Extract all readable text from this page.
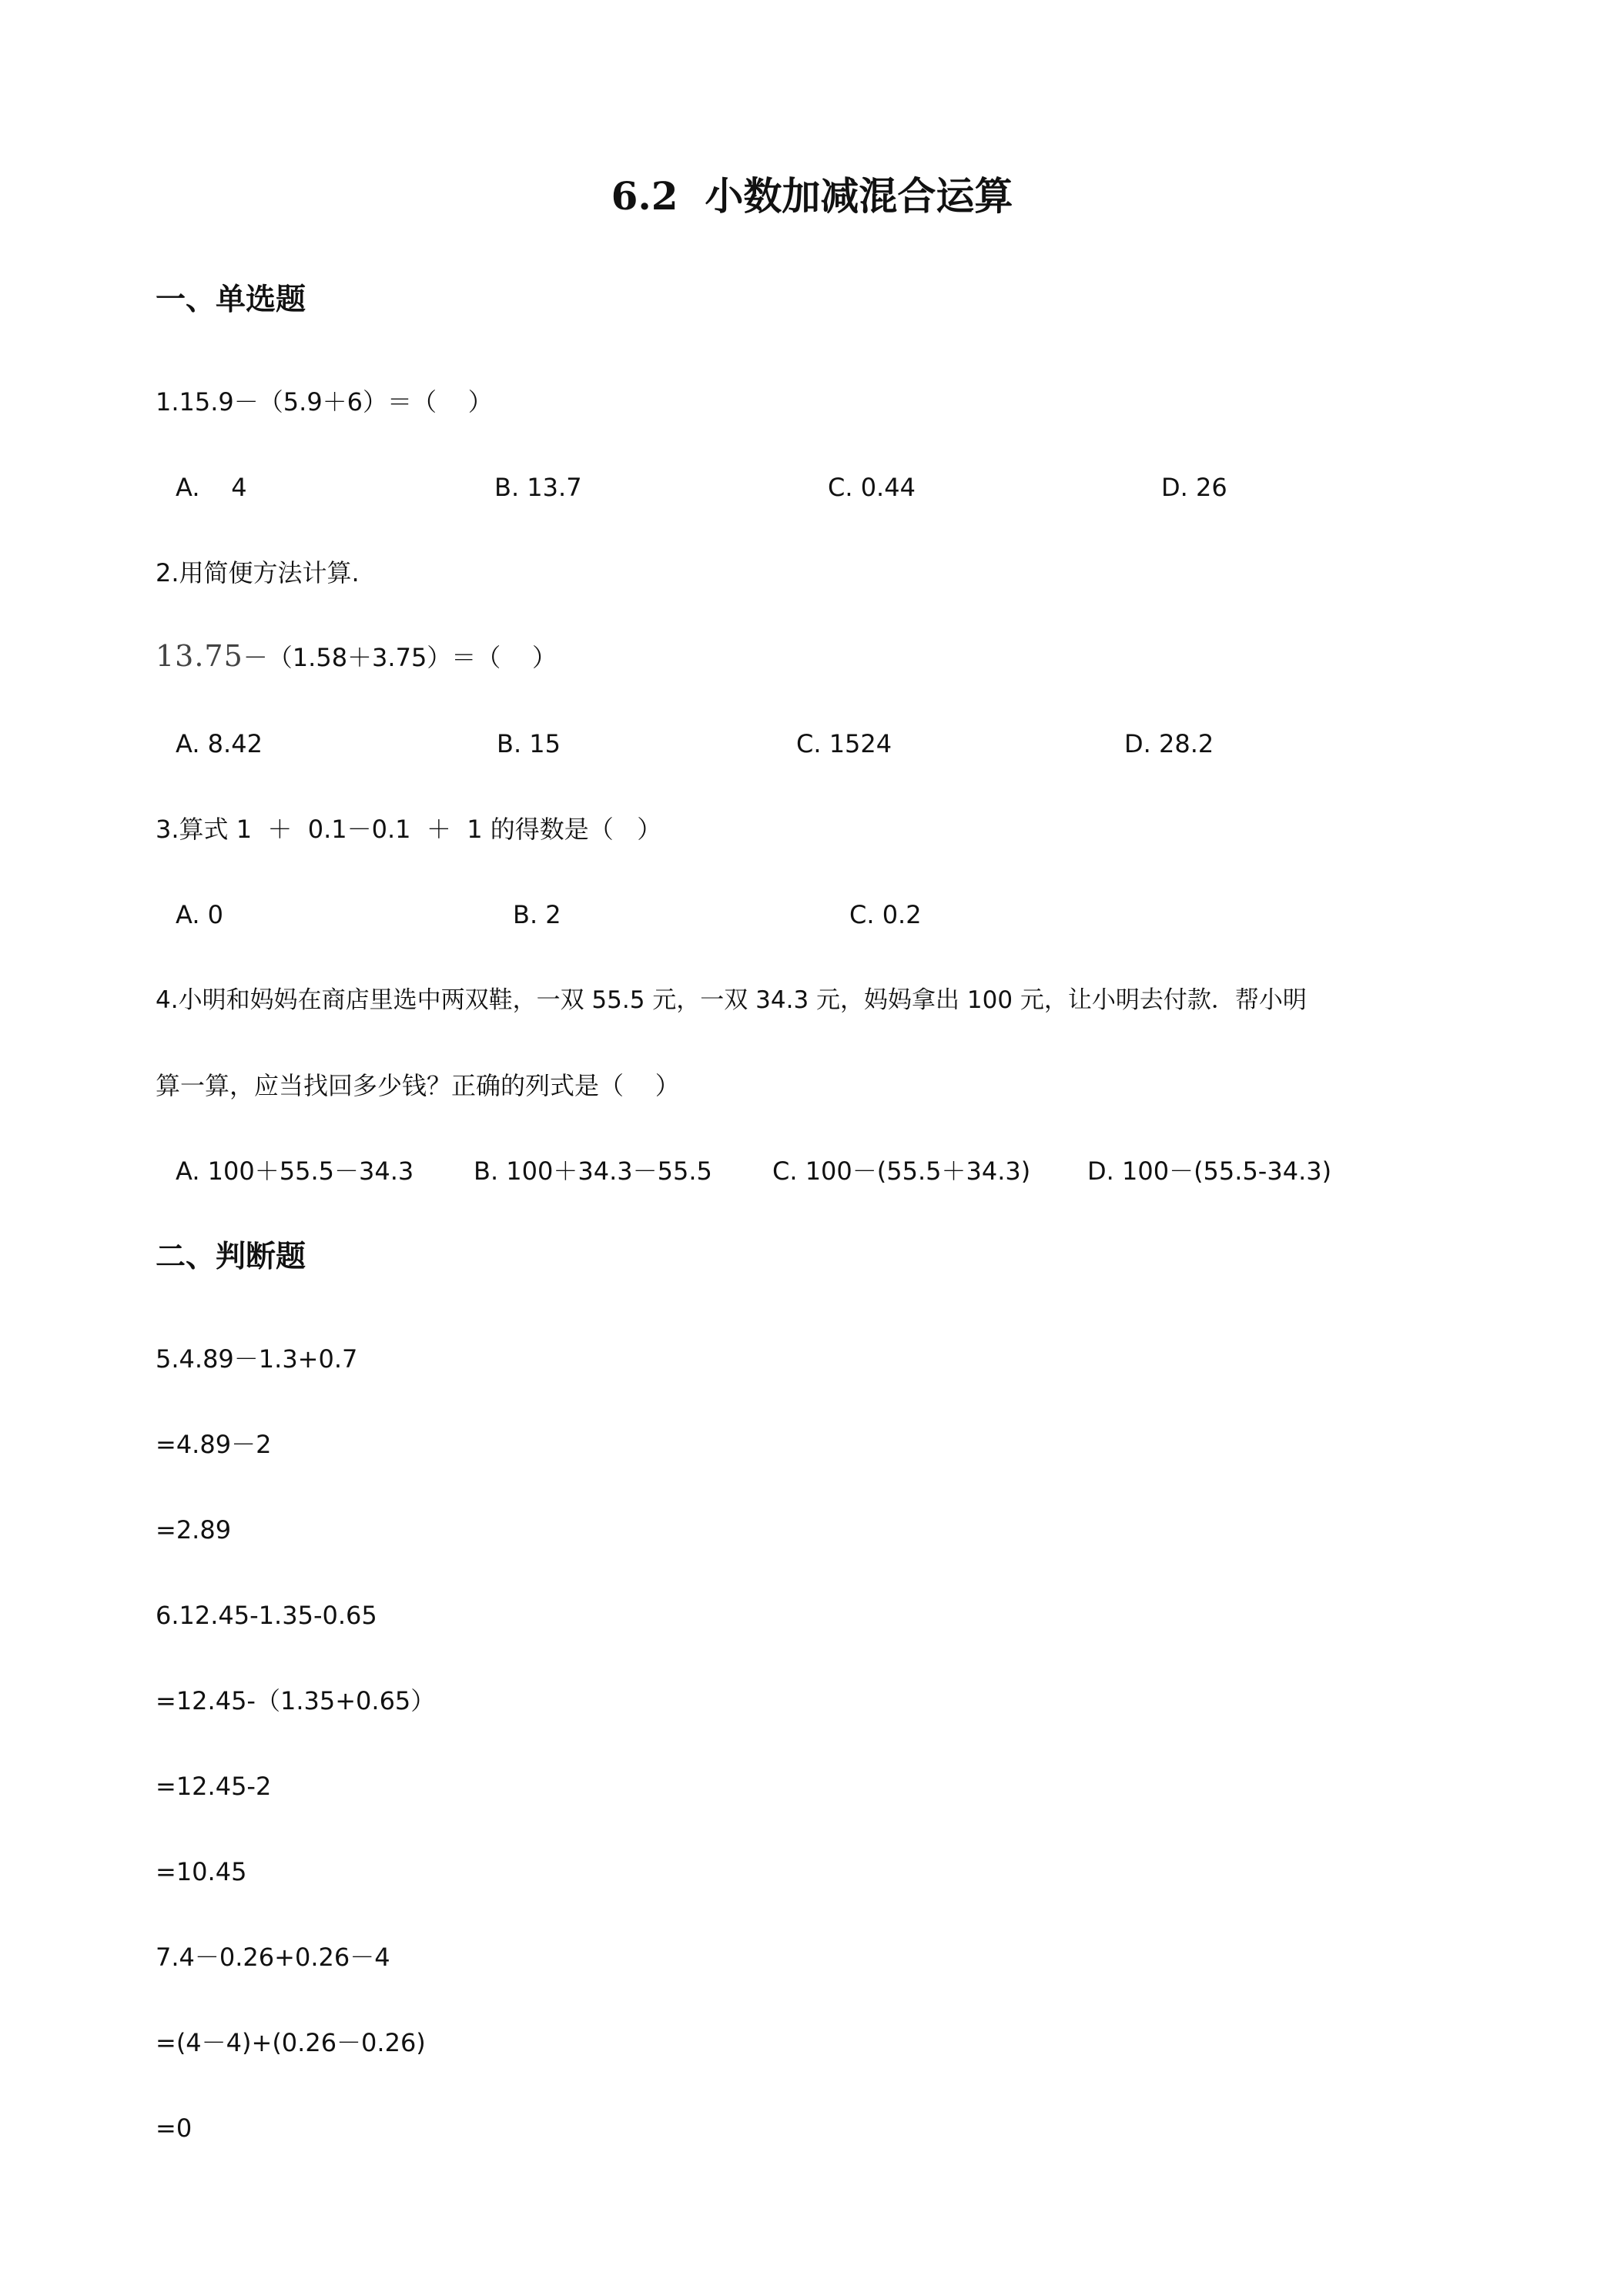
6.2  小数加减混合运算
一、单选题
1.15.9－（5.9＋6）＝（    ）
A.    4	B. 13.7	C. 0.44	D. 26
2.用简便方法计算.
13.75－（1.58＋3.75）＝（    ）
A. 8.42	B. 15	C. 1524	D. 28.2
3.算式 1  ＋  0.1－0.1  ＋  1 的得数是（   ）
A. 0	B. 2	C. 0.2
4.小明和妈妈在商店里选中两双鞋，一双 55.5 元，一双 34.3 元，妈妈拿出 100 元，让小明去付款．帮小明
算一算，应当找回多少钱？正确的列式是（    ）
A. 100＋55.5－34.3 B. 100＋34.3－55.5 C. 100－(55.5＋34.3) D. 100－(55.5-34.3)
二、判断题
5.4.89－1.3+0.7
=4.89－2
=2.89
6.12.45-1.35-0.65
=12.45-（1.35+0.65）
=12.45-2
=10.45
7.4－0.26+0.26－4
=(4－4)+(0.26－0.26)
=0
